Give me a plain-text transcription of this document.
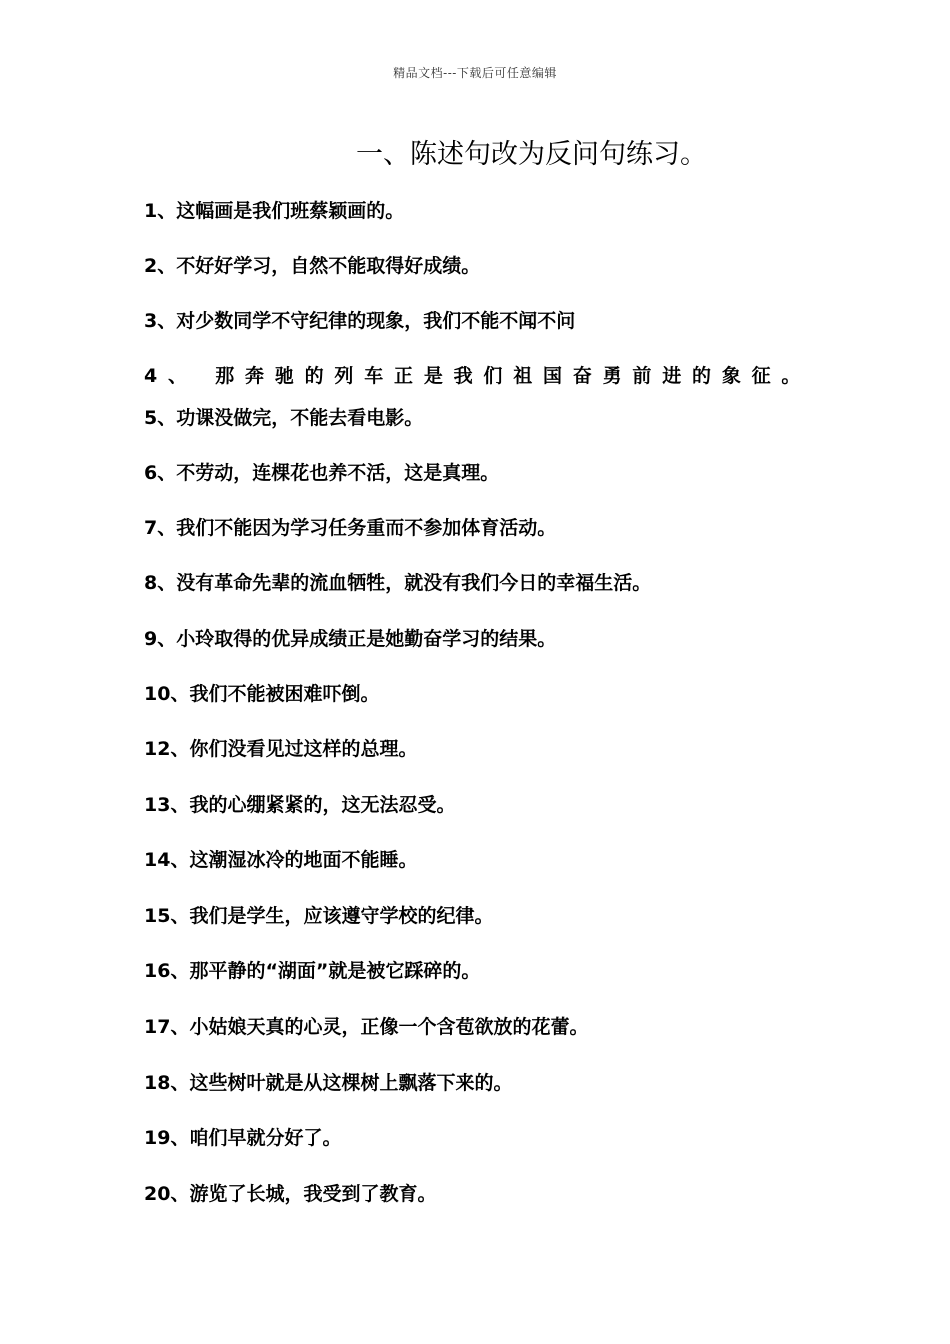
精品文档---下载后可任意编辑
一、陈述句改为反问句练习。
1、这幅画是我们班蔡颖画的。
2、不好好学习，自然不能取得好成绩。
3、对少数同学不守纪律的现象，我们不能不闻不问
4、 那奔驰的列车正是我们祖国奋勇前进的象征。
5、功课没做完，不能去看电影。
6、不劳动，连棵花也养不活，这是真理。
7、我们不能因为学习任务重而不参加体育活动。
8、没有革命先辈的流血牺牲，就没有我们今日的幸福生活。
9、小玲取得的优异成绩正是她勤奋学习的结果。
10、我们不能被困难吓倒。
12、你们没看见过这样的总理。
13、我的心绷紧紧的，这无法忍受。
14、这潮湿冰冷的地面不能睡。
15、我们是学生，应该遵守学校的纪律。
16、那平静的“湖面”就是被它踩碎的。
17、小姑娘天真的心灵，正像一个含苞欲放的花蕾。
18、这些树叶就是从这棵树上飘落下来的。
19、咱们早就分好了。
20、游览了长城，我受到了教育。
